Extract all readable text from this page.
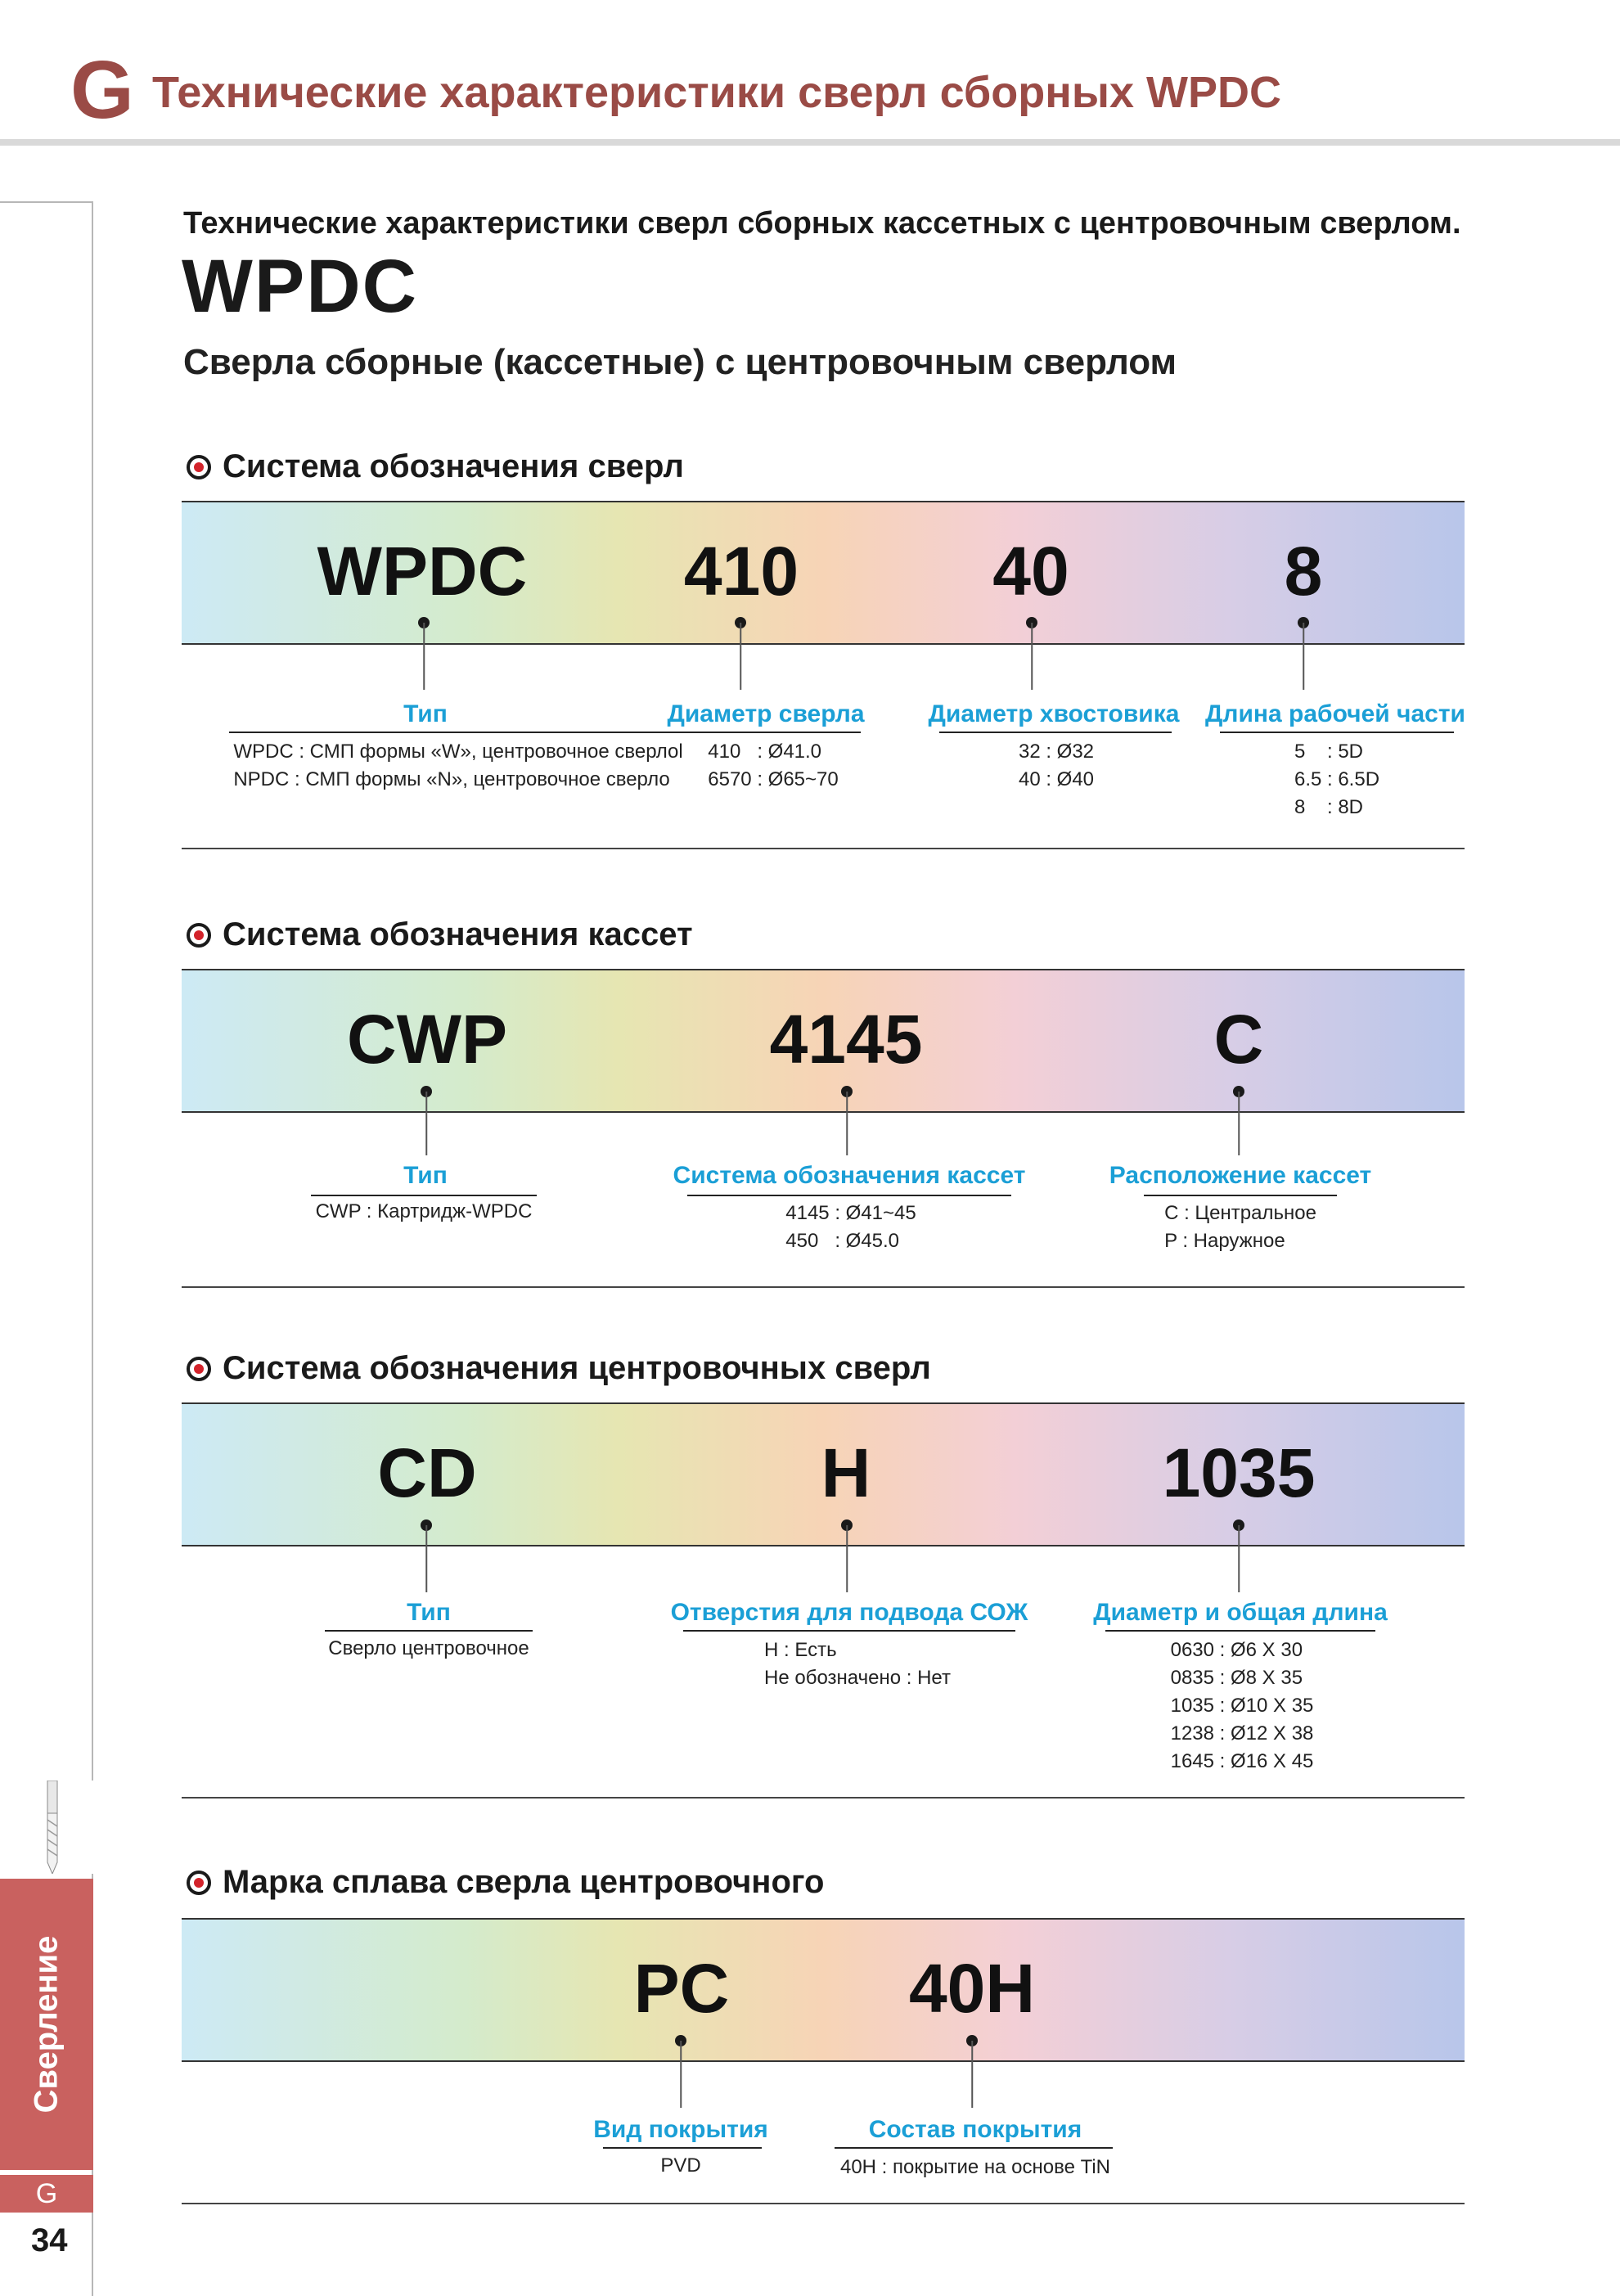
G Технические характеристики сверл сборных WPDC
Сверление
G
34
Технические характеристики сверл сборных кассетных с центровочным сверлом.
WPDC
Сверла сборные (кассетные) с центровочным сверлом
Система обозначения сверл
WPDC 410	40	8
Тип	Диаметр сверла	Диаметр хвостовика Длина рабочей части
WPDC : СМП формы «W», центровочное сверлоl
NPDC : СМП формы «N», центровочное сверло
410   : Ø41.0
6570 : Ø65~70
32 : Ø32
40 : Ø40
5    : 5D
6.5 : 6.5D
8    : 8D
Система обозначения кассет
CWP	4145	C
Тип	Система обозначения кассет	Расположение кассет
CWP : Картридж-WPDC	4145 : Ø41~45
450   : Ø45.0
C : Центральное
P : Наружное
Система обозначения центровочных сверл
CD	H	1035
Тип	Отверстия для подвода СОЖ	Диаметр и общая длина
Сверло центровочное	H : Есть
Не обозначено : Нет
0630 : Ø6 X 30
0835 : Ø8 X 35
1035 : Ø10 X 35
1238 : Ø12 X 38
1645 : Ø16 X 45
Марка сплава сверла центровочного
PC	40H
Вид покрытия	Состав покрытия
PVD	40H : покрытие на основе TiN
